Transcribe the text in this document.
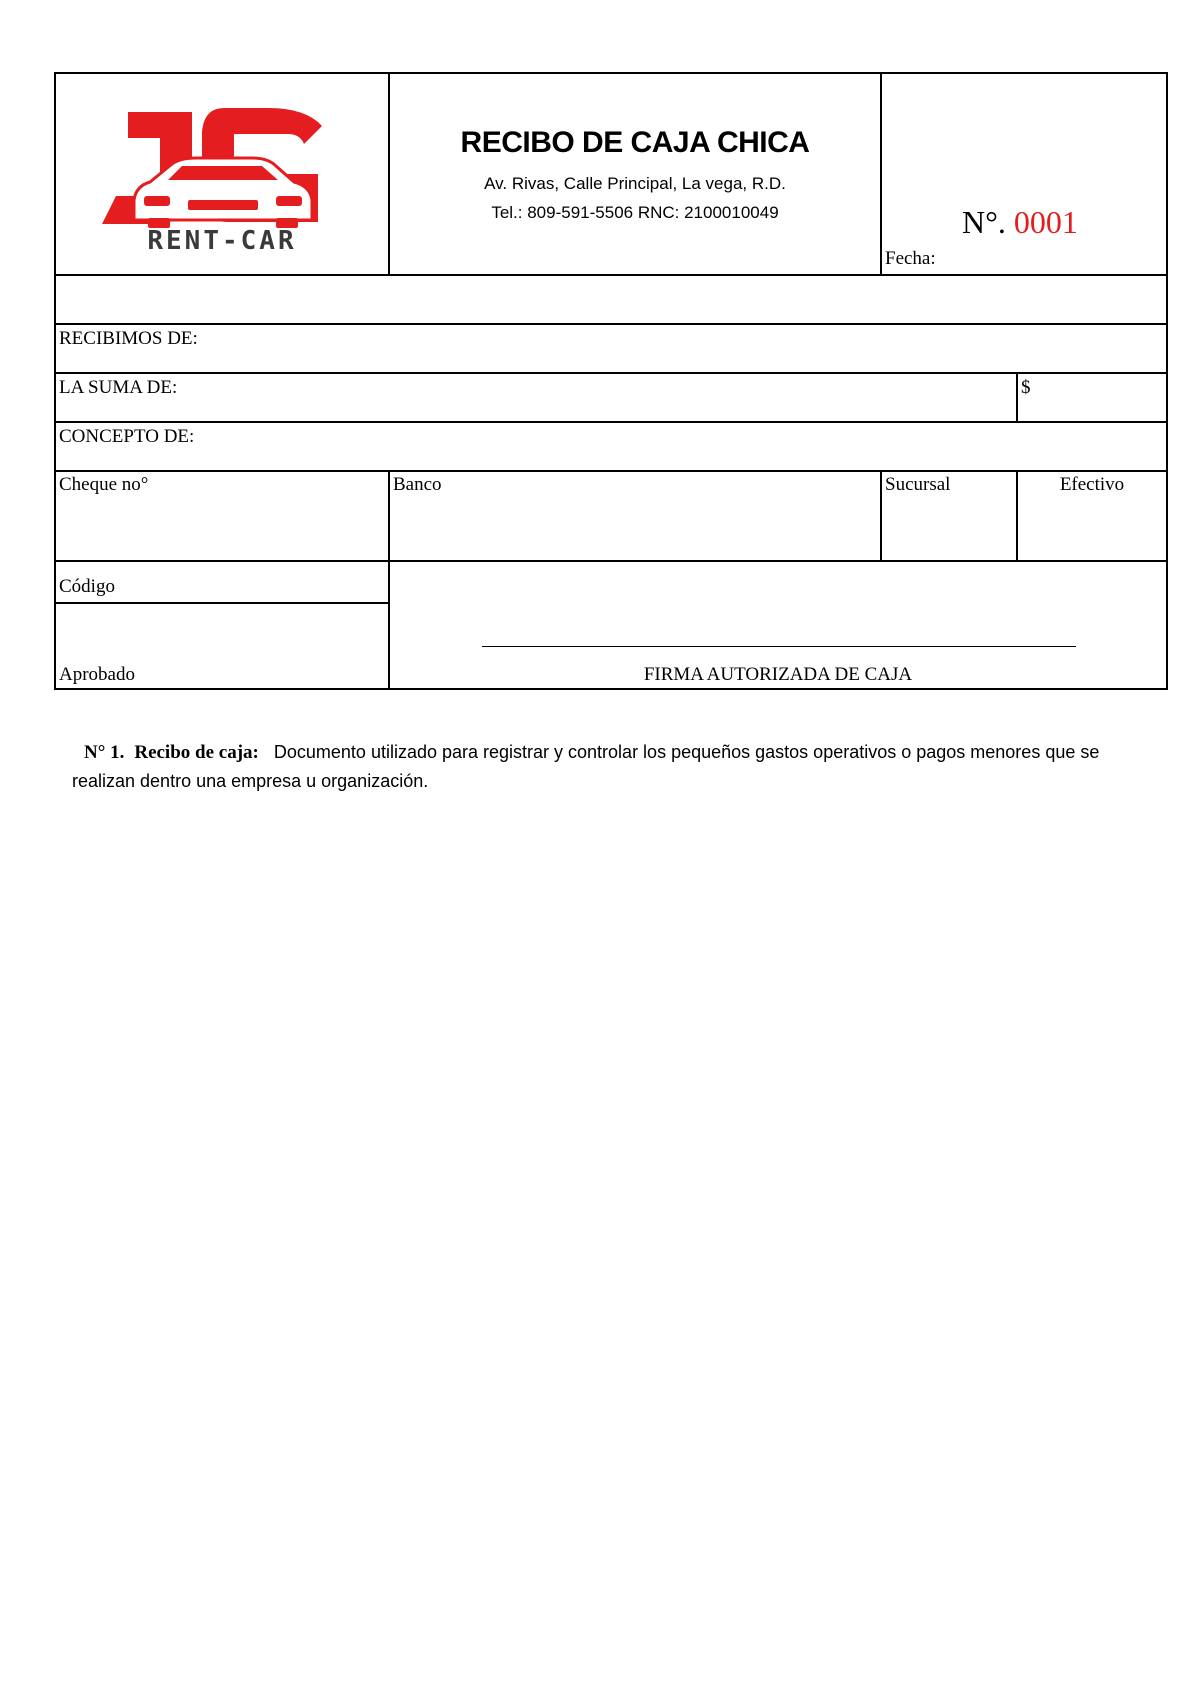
RENT-CAR
RECIBO DE CAJA CHICA
Av. Rivas, Calle Principal, La vega, R.D.
Tel.: 809-591-5506 RNC: 2100010049	N°. 0001
Fecha:
RECIBIMOS DE:
LA SUMA DE:	$
CONCEPTO DE:
Cheque no°	Banco	Sucursal	Efectivo
Código
Aprobado	FIRMA AUTORIZADA DE CAJA
N° 1. Recibo de caja: Documento utilizado para registrar y controlar los pequeños gastos operativos o pagos menores que se realizan dentro una empresa u organización.
